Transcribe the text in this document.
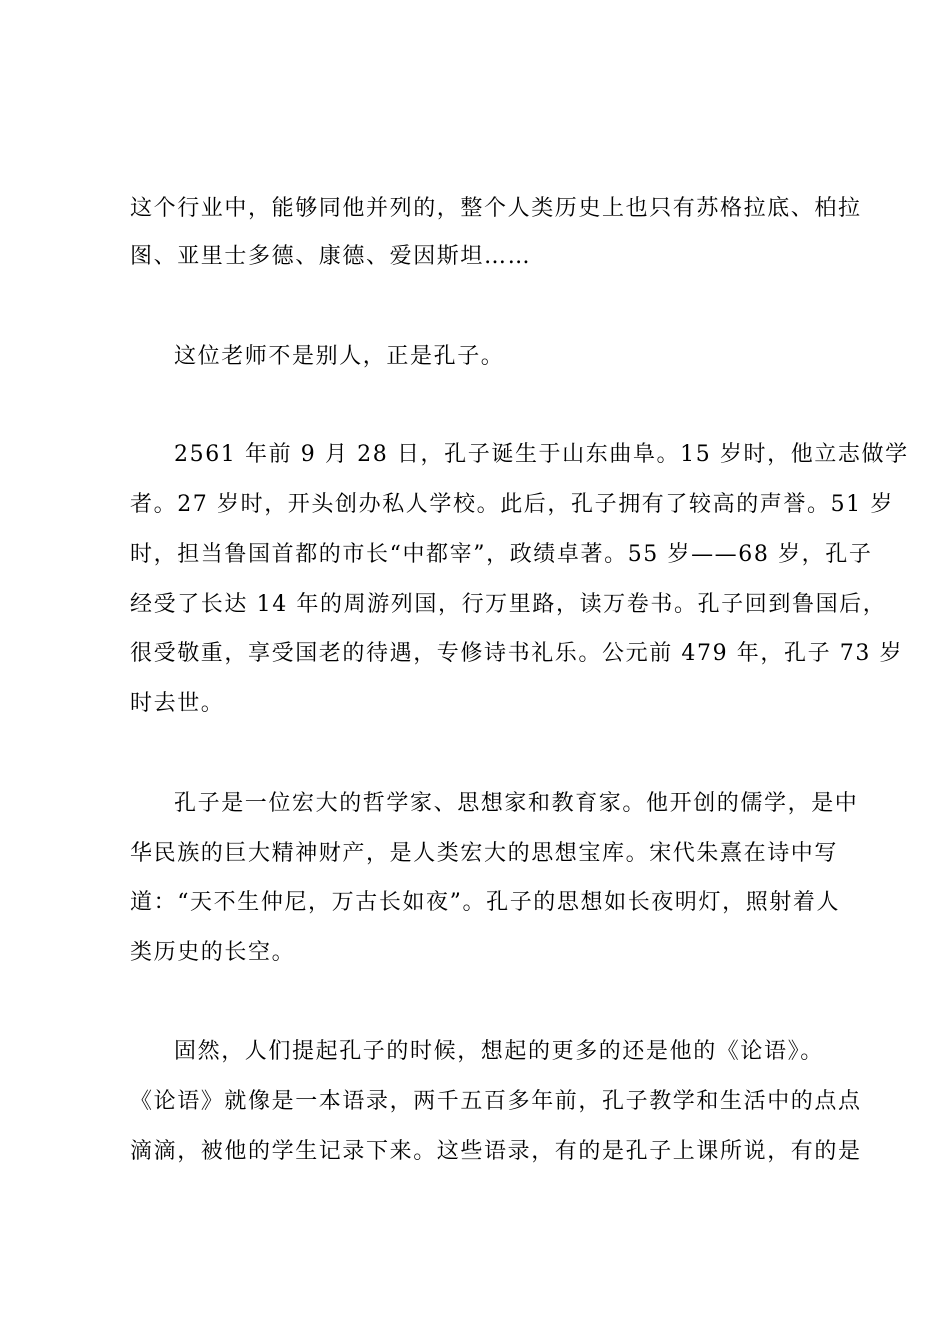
这个行业中，能够同他并列的，整个人类历史上也只有苏格拉底、柏拉
图、亚里士多德、康德、爱因斯坦……
这位老师不是别人，正是孔子。
2561 年前 9 月 28 日，孔子诞生于山东曲阜。15 岁时，他立志做学
者。27 岁时，开头创办私人学校。此后，孔子拥有了较高的声誉。51 岁
时，担当鲁国首都的市长“中都宰”，政绩卓著。55 岁——68 岁，孔子
经受了长达 14 年的周游列国，行万里路，读万卷书。孔子回到鲁国后，
很受敬重，享受国老的待遇，专修诗书礼乐。公元前 479 年，孔子 73 岁
时去世。
孔子是一位宏大的哲学家、思想家和教育家。他开创的儒学，是中
华民族的巨大精神财产，是人类宏大的思想宝库。宋代朱熹在诗中写
道：“天不生仲尼，万古长如夜”。孔子的思想如长夜明灯，照射着人
类历史的长空。
固然，人们提起孔子的时候，想起的更多的还是他的《论语》。
《论语》就像是一本语录，两千五百多年前，孔子教学和生活中的点点
滴滴，被他的学生记录下来。这些语录，有的是孔子上课所说，有的是
